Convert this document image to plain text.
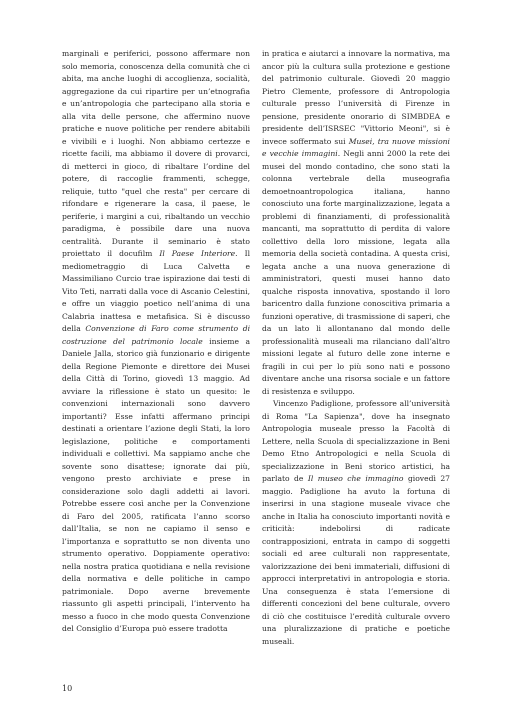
marginali e periferici, possono affermare non solo memoria, conoscenza della comunità che ci abita, ma anche luoghi di accoglienza, socialità, aggregazione da cui ripartire per un’etnografia e un’antropologia che partecipano alla storia e alla vita delle persone, che affermino nuove pratiche e nuove politiche per rendere abitabili e vivibili e i luoghi. Non abbiamo certezze e ricette facili, ma abbiamo il dovere di provarci, di metterci in gioco, di ribaltare l’ordine del potere, di raccoglie frammenti, schegge, reliquie, tutto "quel che resta" per cercare di rifondare e rigenerare la casa, il paese, le periferie, i margini a cui, ribaltando un vecchio paradigma, è possibile dare una nuova centralità. Durante il seminario è stato proiettato il docufilm Il Paese Interiore. Il mediometraggio di Luca Calvetta e Massimiliano Curcio trae ispirazione dai testi di Vito Teti, narrati dalla voce di Ascanio Celestini, e offre un viaggio poetico nell’anima di una Calabria inattesa e metafisica. Si è discusso della Convenzione di Faro come strumento di costruzione del patrimonio locale insieme a Daniele Jalla, storico già funzionario e dirigente della Regione Piemonte e direttore dei Musei della Città di Torino, giovedì 13 maggio. Ad avviare la riflessione è stato un quesito: le convenzioni internazionali sono davvero importanti? Esse infatti affermano principi destinati a orientare l’azione degli Stati, la loro legislazione, politiche e comportamenti individuali e collettivi. Ma sappiamo anche che sovente sono disattese; ignorate dai più, vengono presto archiviate e prese in considerazione solo dagli addetti ai lavori. Potrebbe essere così anche per la Convenzione di Faro del 2005, ratificata l’anno scorso dall’Italia, se non ne capiamo il senso e l’importanza e soprattutto se non diventa uno strumento operativo. Doppiamente operativo: nella nostra pratica quotidiana e nella revisione della normativa e delle politiche in campo patrimoniale. Dopo averne brevemente riassunto gli aspetti principali, l’intervento ha messo a fuoco in che modo questa Convenzione del Consiglio d’Europa può essere tradotta

in pratica e aiutarci a innovare la normativa, ma ancor più la cultura sulla protezione e gestione del patrimonio culturale. Giovedì 20 maggio Pietro Clemente, professore di Antropologia culturale presso l’università di Firenze in pensione, presidente onorario di SIMBDEA e presidente dell’ISRSEC "Vittorio Meoni", si è invece soffermato sui Musei, tra nuove missioni e vecchie immagini. Negli anni 2000 la rete dei musei del mondo contadino, che sono stati la colonna vertebrale della museografia demoetnoantropologica italiana, hanno conosciuto una forte marginalizzazione, legata a problemi di finanziamenti, di professionalità mancanti, ma soprattutto di perdita di valore collettivo della loro missione, legata alla memoria della società contadina. A questa crisi, legata anche a una nuova generazione di amministratori, questi musei hanno dato qualche risposta innovativa, spostando il loro baricentro dalla funzione conoscitiva primaria a funzioni operative, di trasmissione di saperi, che da un lato li allontanano dal mondo delle professionalità museali ma rilanciano dall’altro missioni legate al futuro delle zone interne e fragili in cui per lo più sono nati e possono diventare anche una risorsa sociale e un fattore di resistenza e sviluppo.

Vincenzo Padiglione, professore all’università di Roma "La Sapienza", dove ha insegnato Antropologia museale presso la Facoltà di Lettere, nella Scuola di specializzazione in Beni Demo Etno Antropologici e nella Scuola di specializzazione in Beni storico artistici, ha parlato de Il museo che immagino giovedì 27 maggio. Padiglione ha avuto la fortuna di inserirsi in una stagione museale vivace che anche in Italia ha conosciuto importanti novità e criticità: indebolirsi di radicate contrapposizioni, entrata in campo di soggetti sociali ed aree culturali non rappresentate, valorizzazione dei beni immateriali, diffusioni di approcci interpretativi in antropologia e storia. Una conseguenza è stata l’emersione di differenti concezioni del bene culturale, ovvero di ciò che costituisce l’eredità culturale ovvero una pluralizzazione di pratiche e poetiche museali.

10
